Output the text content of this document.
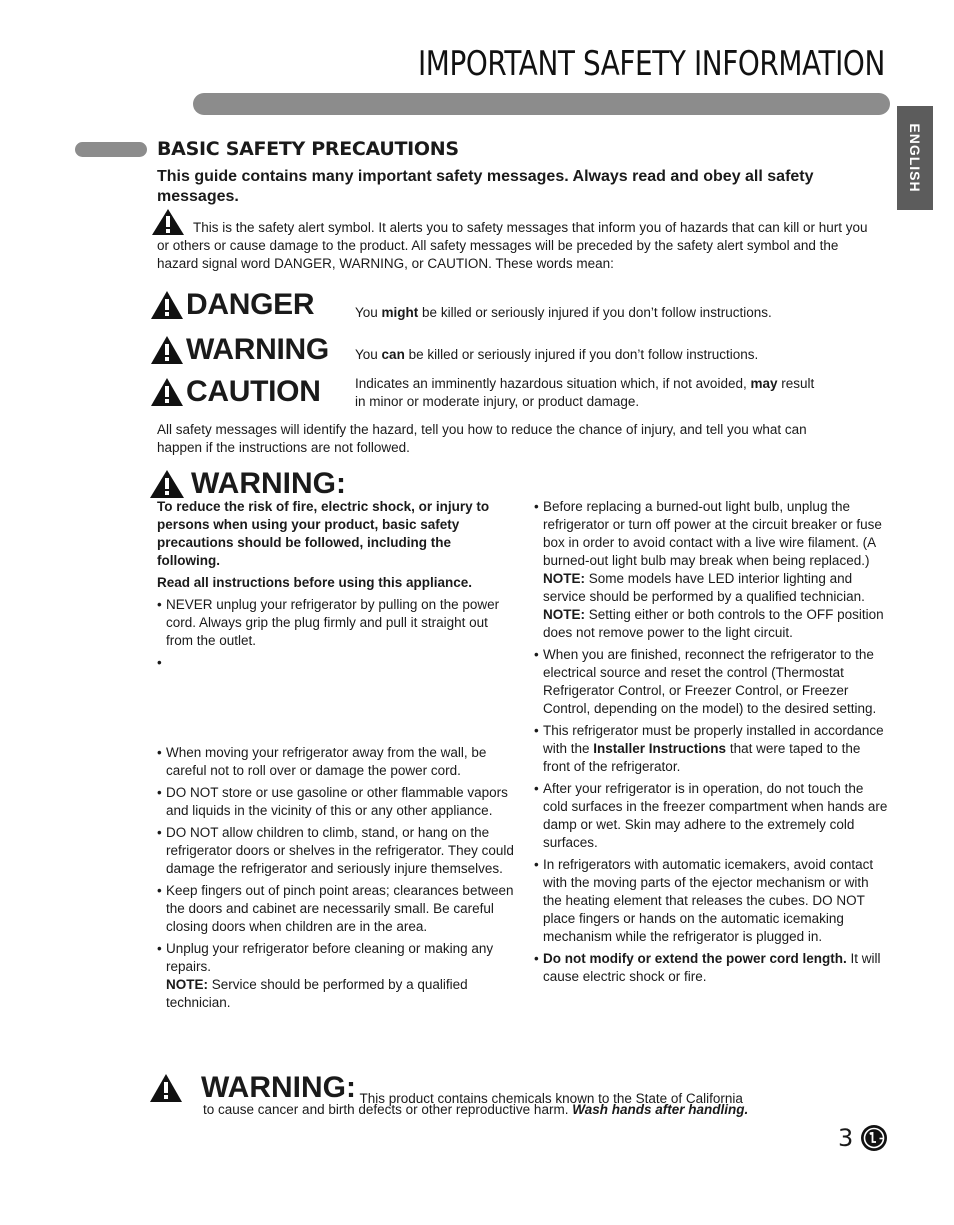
IMPORTANT SAFETY INFORMATION
ENGLISH
BASIC SAFETY PRECAUTIONS
This guide contains many important safety messages. Always read and obey all safety messages.
This is the safety alert symbol. It alerts you to safety messages that inform you of hazards that can kill or hurt you or others or cause damage to the product. All safety messages will be preceded by the safety alert symbol and the hazard signal word DANGER, WARNING, or CAUTION. These words mean:
DANGER	You might be killed or seriously injured if you don’t follow instructions.
WARNING You can be killed or seriously injured if you don’t follow instructions.
CAUTION	Indicates an imminently hazardous situation which, if not avoided, may result in minor or moderate injury, or product damage.
All safety messages will identify the hazard, tell you how to reduce the chance of injury, and tell you what can happen if the instructions are not followed.
WARNING:

To reduce the risk of fire, electric shock, or injury to persons when using your product, basic safety precautions should be followed, including the following.

Read all instructions before using this appliance.

• NEVER unplug your refrigerator by pulling on the power cord. Always grip the plug firmly and pull it straight out from the outlet.
•
• When moving your refrigerator away from the wall, be careful not to roll over or damage the power cord.
• DO NOT store or use gasoline or other flammable vapors and liquids in the vicinity of this or any other appliance.
• DO NOT allow children to climb, stand, or hang on the refrigerator doors or shelves in the refrigerator. They could damage the refrigerator and seriously injure themselves.
• Keep fingers out of pinch point areas; clearances between the doors and cabinet are necessarily small. Be careful closing doors when children are in the area.
• Unplug your refrigerator before cleaning or making any repairs.
NOTE: Service should be performed by a qualified technician.
• Before replacing a burned-out light bulb, unplug the refrigerator or turn off power at the circuit breaker or fuse box in order to avoid contact with a live wire filament. (A burned-out light bulb may break when being replaced.)
NOTE: Some models have LED interior lighting and service should be performed by a qualified technician.
NOTE: Setting either or both controls to the OFF position does not remove power to the light circuit.
• When you are finished, reconnect the refrigerator to the electrical source and reset the control (Thermostat Refrigerator Control, or Freezer Control, or Freezer Control, depending on the model) to the desired setting.
• This refrigerator must be properly installed in accordance with the Installer Instructions that were taped to the front of the refrigerator.
• After your refrigerator is in operation, do not touch the cold surfaces in the freezer compartment when hands are damp or wet. Skin may adhere to the extremely cold surfaces.
• In refrigerators with automatic icemakers, avoid contact with the moving parts of the ejector mechanism or with the heating element that releases the cubes. DO NOT place fingers or hands on the automatic icemaking mechanism while the refrigerator is plugged in.
• Do not modify or extend the power cord length. It will cause electric shock or fire.
WARNING: This product contains chemicals known to the State of California
to cause cancer and birth defects or other reproductive harm. Wash hands after handling.
3
